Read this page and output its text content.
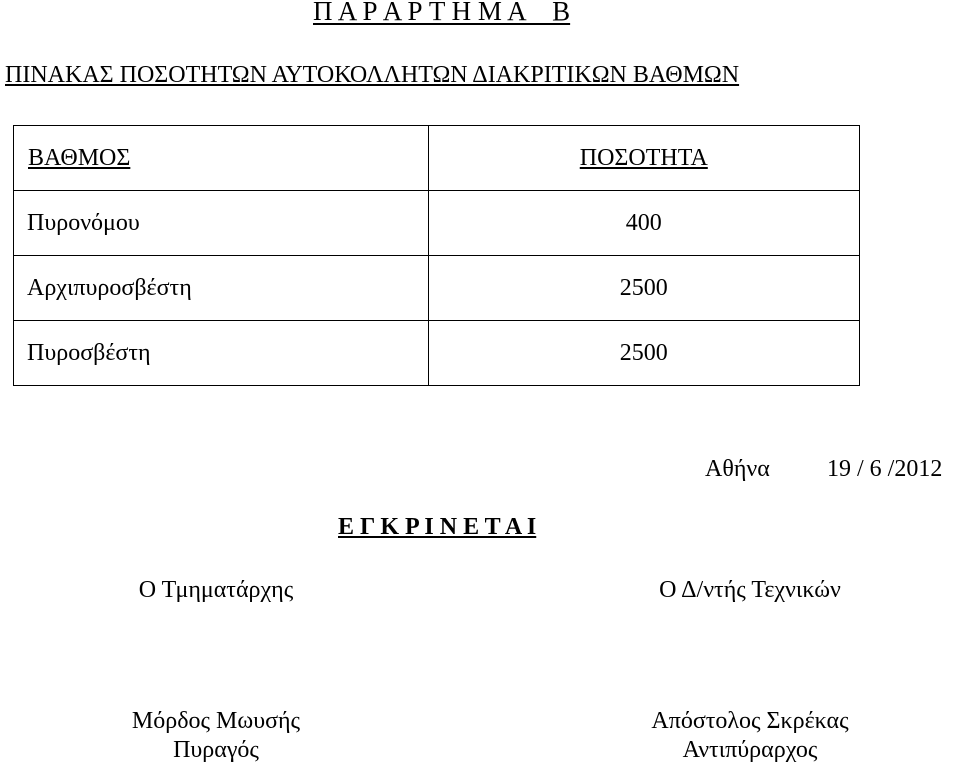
Π Α Ρ Α Ρ Τ Η Μ Α    Β
ΠΙΝΑΚΑΣ ΠΟΣΟΤΗΤΩΝ ΑΥΤΟΚΟΛΛΗΤΩΝ ΔΙΑΚΡΙΤΙΚΩΝ ΒΑΘΜΩΝ
ΒΑΘΜΟΣ	ΠΟΣΟΤΗΤΑ
Πυρονόμου	400
Αρχιπυροσβέστη	2500
Πυροσβέστη	2500
Αθήνα 19 / 6 /2012
Ε Γ Κ Ρ Ι Ν Ε Τ Α Ι
Ο Τμηματάρχης	Ο Δ/ντής Τεχνικών
Μόρδος Μωυσής
Πυραγός
Απόστολος Σκρέκας
Αντιπύραρχος
